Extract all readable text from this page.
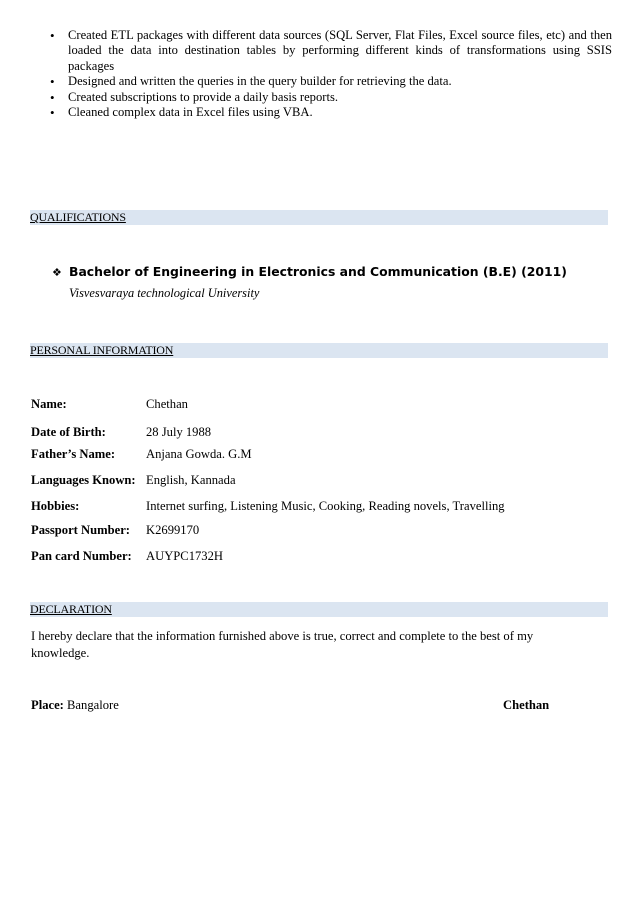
• Created ETL packages with different data sources (SQL Server, Flat Files, Excel source files, etc) and then loaded the data into destination tables by performing different kinds of transformations using SSIS packages
• Designed and written the queries in the query builder for retrieving the data.
• Created subscriptions to provide a daily basis reports.
• Cleaned complex data in Excel files using VBA.
QUALIFICATIONS
❖ Bachelor of Engineering in Electronics and Communication (B.E) (2011)
Visvesvaraya technological University
PERSONAL INFORMATION
Name:	Chethan
Date of Birth:	28 July 1988
Father’s Name: Anjana Gowda. G.M
Languages Known: English, Kannada
Hobbies:	Internet surfing, Listening Music, Cooking, Reading novels, Travelling
Passport Number: K2699170
Pan card Number: AUYPC1732H
DECLARATION
I hereby declare that the information furnished above is true, correct and complete to the best of my knowledge.
Place: Bangalore	Chethan
